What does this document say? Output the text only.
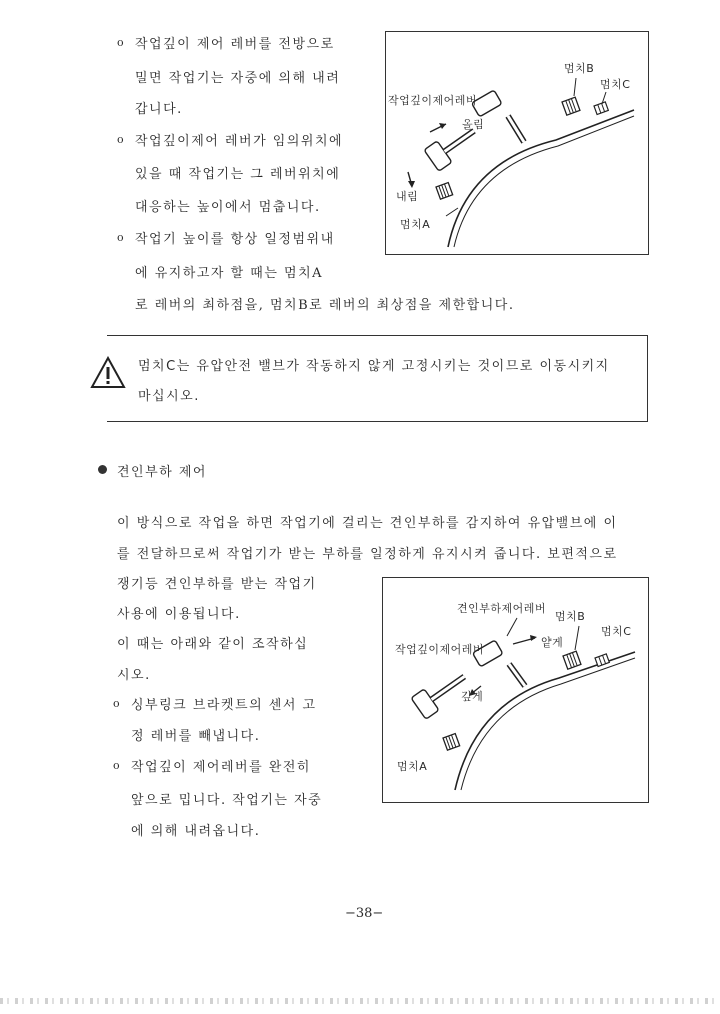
o 작업깊이 제어 레버를 전방으로
밀면 작업기는 자중에 의해 내려
갑니다.
o 작업깊이제어 레버가 임의위치에
있을 때 작업기는 그 레버위치에
대응하는 높이에서 멈춥니다.
o 작업기 높이를 항상 일정범위내
에 유지하고자 할 때는 멈치A
로 레버의 최하점을, 멈치B로 레버의 최상점을 제한합니다.
멈치B
멈치C
작업깊이제어레버
올림
내림
멈치A
멈치C는 유압안전 밸브가 작동하지 않게 고정시키는 것이므로 이동시키지
마십시오.
견인부하 제어
이 방식으로 작업을 하면 작업기에 걸리는 견인부하를 감지하여 유압밸브에 이
를 전달하므로써 작업기가 받는 부하를 일정하게 유지시켜 줍니다. 보편적으로
쟁기등 견인부하를 받는 작업기
사용에 이용됩니다.
이 때는 아래와 같이 조작하십
시오.
o 싱부링크 브라켓트의 센서 고
정 레버를 빼냅니다.
o 작업깊이 제어레버를 완전히
앞으로 밉니다. 작업기는 자중
에 의해 내려옵니다.
견인부하제어레버
멈치B
멈치C
작업깊이제어레버
얕게
깊게
멈치A
−38−
